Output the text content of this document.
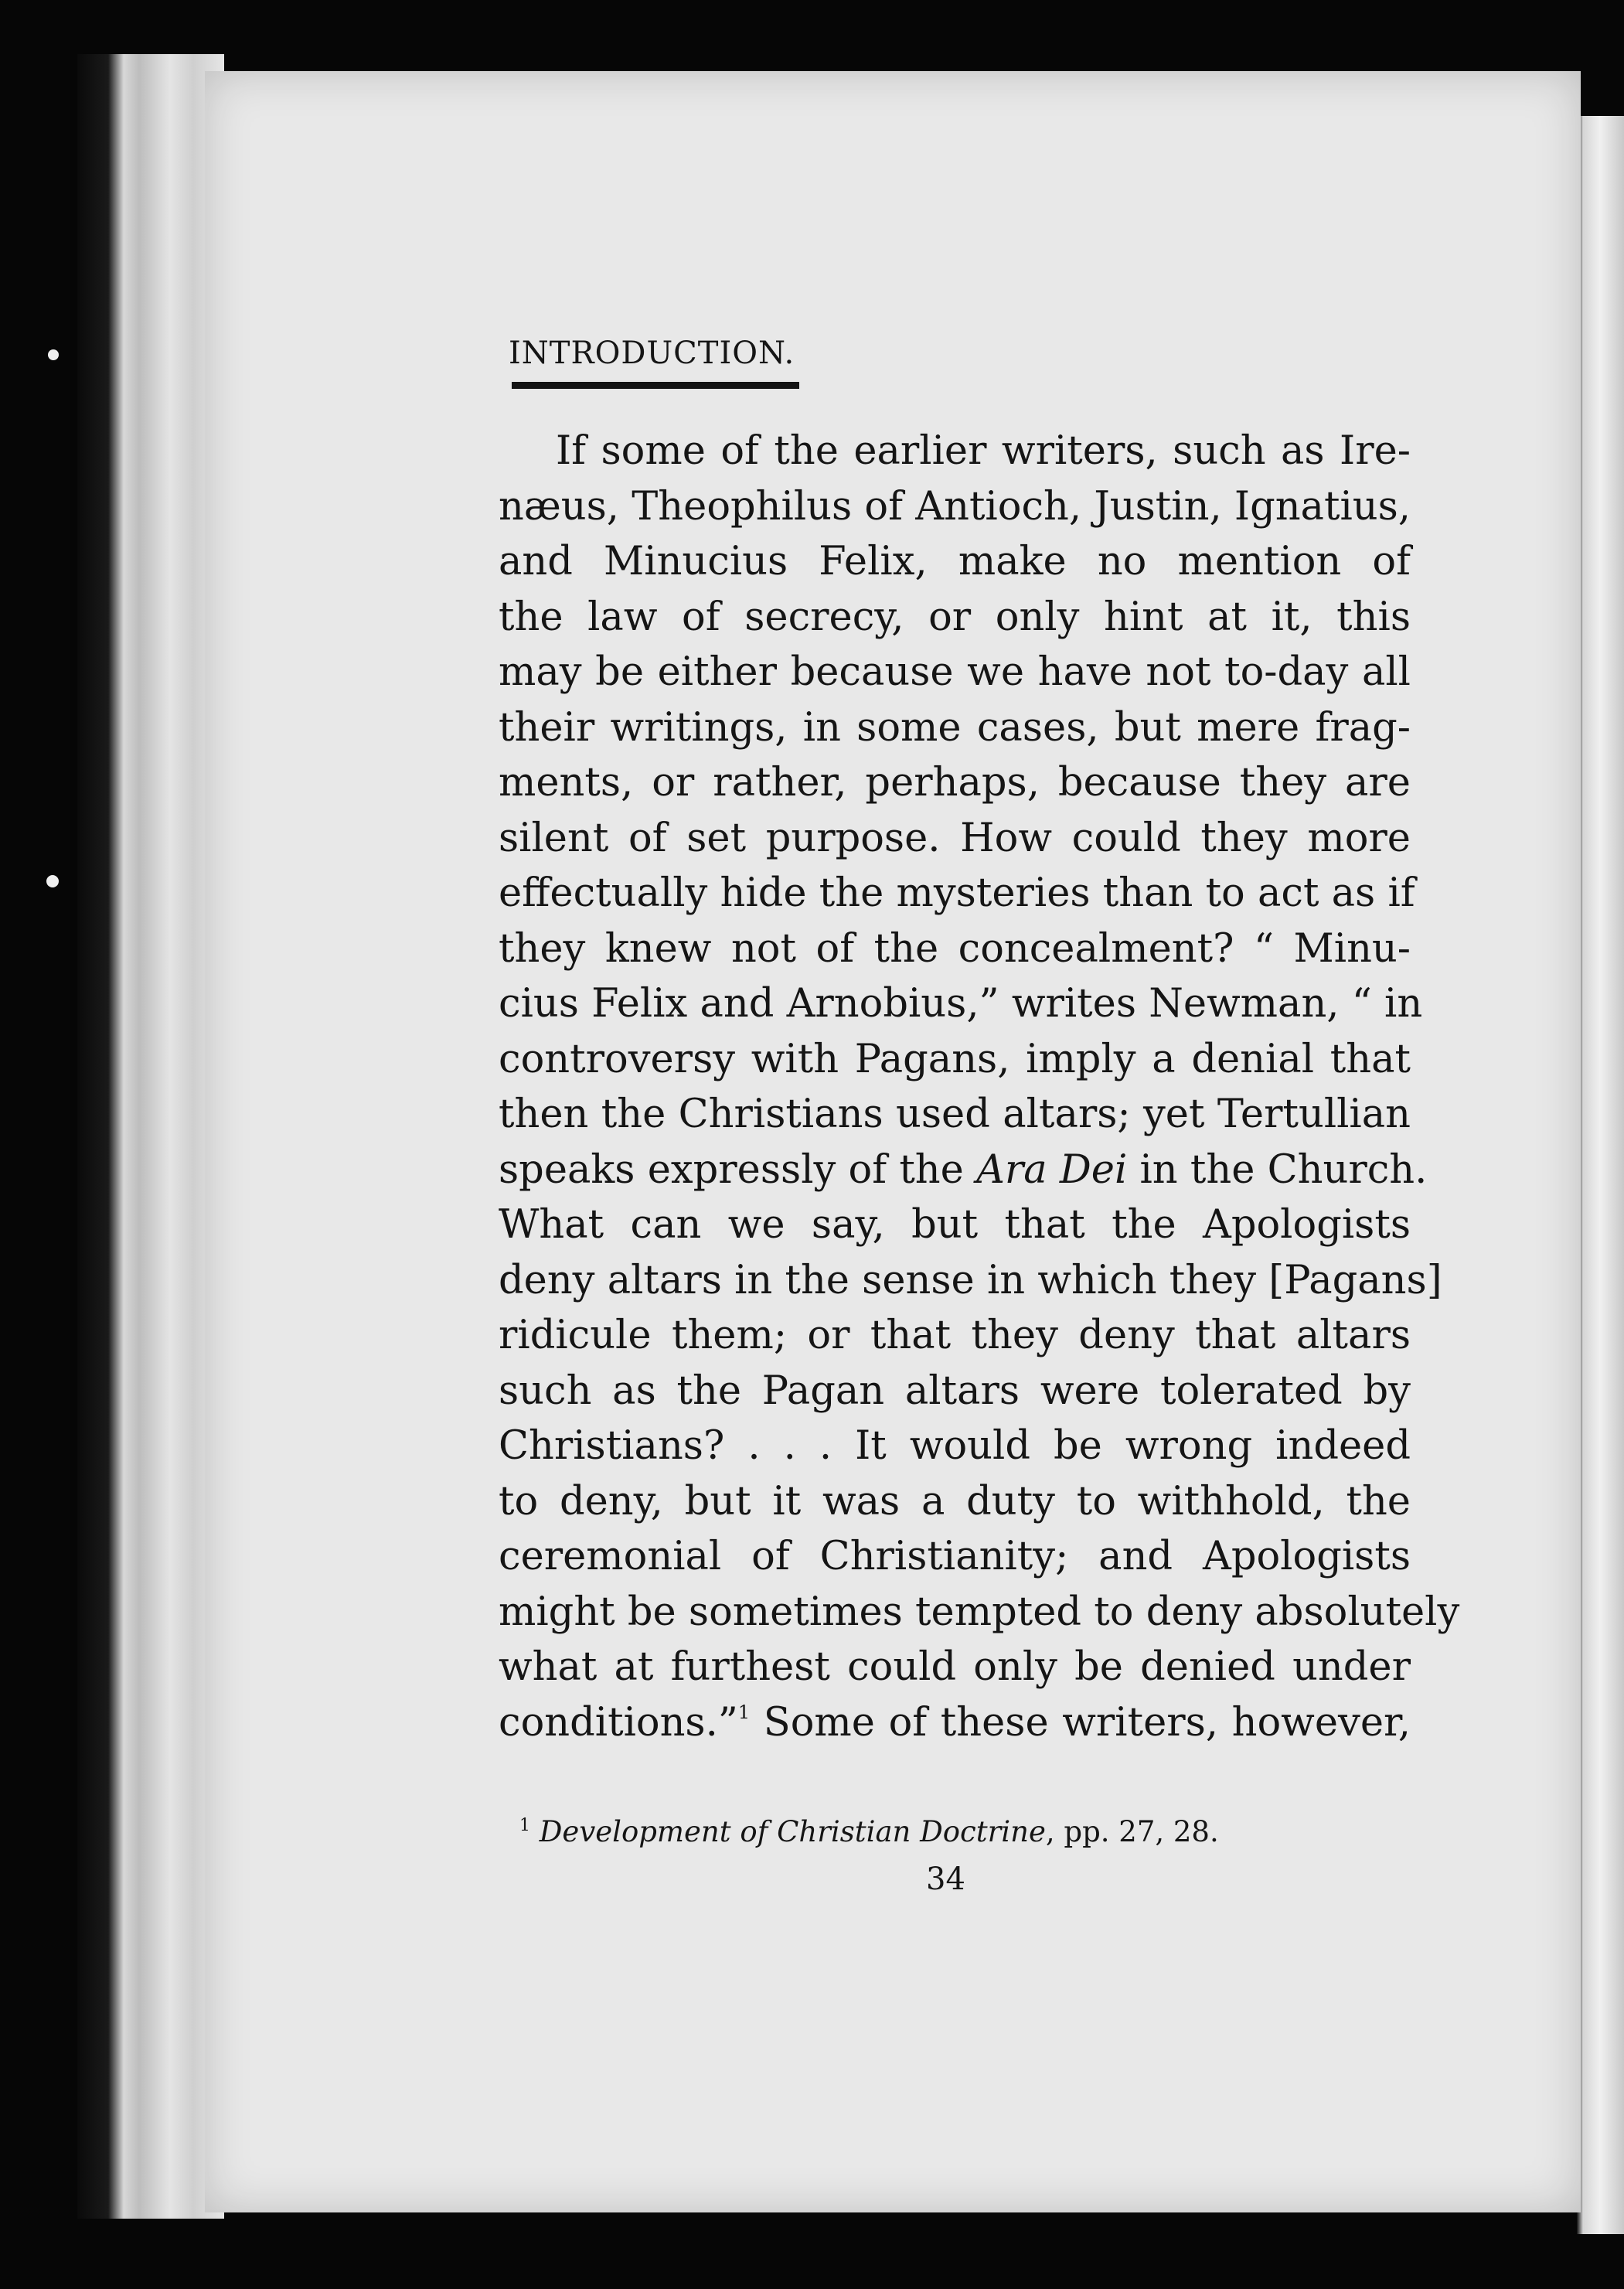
INTRODUCTION.

If some of the earlier writers, such as Ire-
næus, Theophilus of Antioch, Justin, Ignatius,
and Minucius Felix, make no mention of
the law of secrecy, or only hint at it, this
may be either because we have not to-day all
their writings, in some cases, but mere frag-
ments, or rather, perhaps, because they are
silent of set purpose. How could they more
effectually hide the mysteries than to act as if
they knew not of the concealment? “ Minu-
cius Felix and Arnobius,” writes Newman, “ in
controversy with Pagans, imply a denial that
then the Christians used altars; yet Tertullian
speaks expressly of the Ara Dei in the Church.
What can we say, but that the Apologists
deny altars in the sense in which they [Pagans]
ridicule them; or that they deny that altars
such as the Pagan altars were tolerated by
Christians? . . . It would be wrong indeed
to deny, but it was a duty to withhold, the
ceremonial of Christianity; and Apologists
might be sometimes tempted to deny absolutely
what at furthest could only be denied under
conditions.”$^1$ Some of these writers, however,
$^1$ Development of Christian Doctrine, pp. 27, 28.
34
